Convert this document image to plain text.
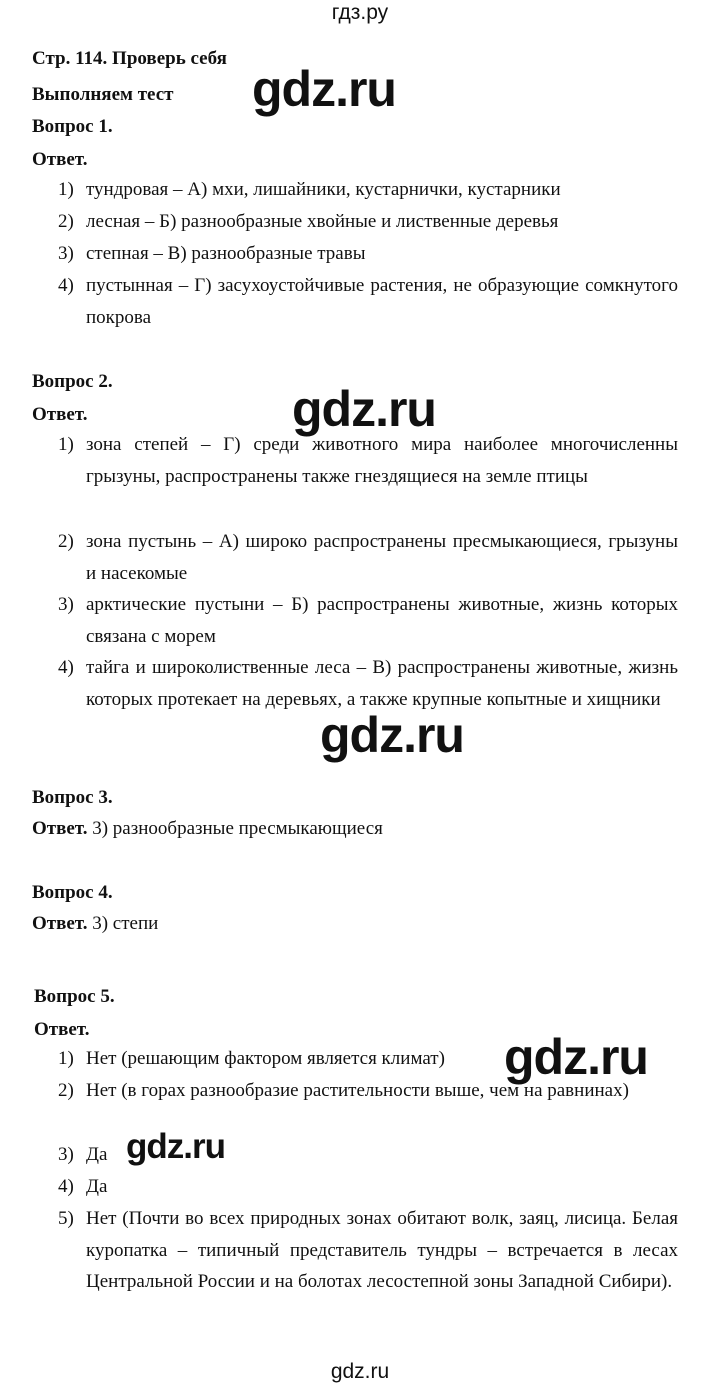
гдз.ру
gdz.ru
gdz.ru
gdz.ru
gdz.ru
gdz.ru
Стр. 114. Проверь себя
Выполняем тест
Вопрос 1.
Ответ.
1) тундровая – А) мхи, лишайники, кустарнички, кустарники
2) лесная – Б) разнообразные хвойные и лиственные деревья
3) степная – В) разнообразные травы
4) пустынная – Г) засухоустойчивые растения, не образующие сомкнутого покрова
Вопрос 2.
Ответ.
1) зона степей – Г) среди животного мира наиболее многочисленны грызуны, распространены также гнездящиеся на земле птицы
2) зона пустынь – А) широко распространены пресмыкающиеся, грызуны и насекомые
3) арктические пустыни – Б) распространены животные, жизнь которых связана с морем
4) тайга и широколиственные леса – В) распространены животные, жизнь которых протекает на деревьях, а также крупные копытные и хищники
Вопрос 3.
Ответ. 3) разнообразные пресмыкающиеся
Вопрос 4.
Ответ. 3) степи
Вопрос 5.
Ответ.
1) Нет (решающим фактором является климат)
2) Нет (в горах разнообразие растительности выше, чем на равнинах)
3) Да
4) Да
5) Нет (Почти во всех природных зонах обитают волк, заяц, лисица. Белая куропатка – типичный представитель тундры – встречается в лесах Центральной России и на болотах лесостепной зоны Западной Сибири).
gdz.ru
